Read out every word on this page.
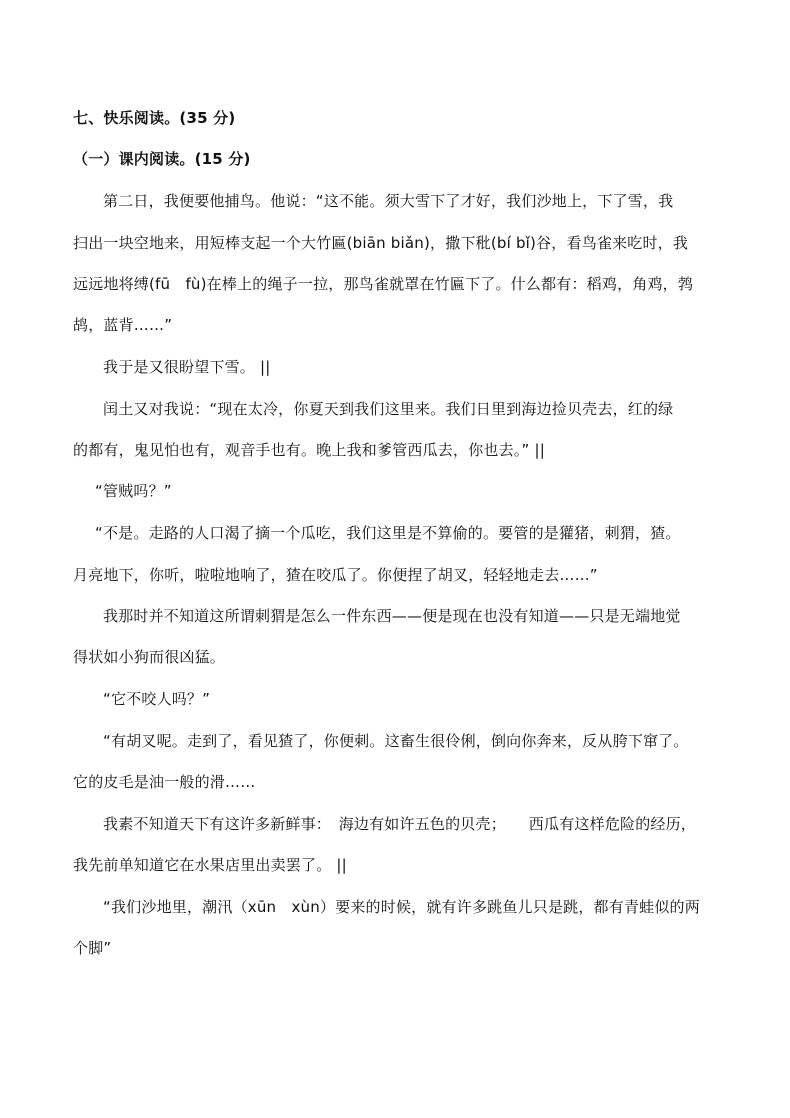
七、快乐阅读。(35 分)
（一）课内阅读。(15 分)
第二日，我便要他捕鸟。他说：“这不能。须大雪下了才好，我们沙地上，下了雪，我
扫出一块空地来，用短棒支起一个大竹匾(biān biǎn)，撒下秕(bí bǐ)谷，看鸟雀来吃时，我
远远地将缚(fū　fù)在棒上的绳子一拉，那鸟雀就罩在竹匾下了。什么都有：稻鸡，角鸡，鹁
鸪，蓝背……”
我于是又很盼望下雪。 ||
闰土又对我说：“现在太冷，你夏天到我们这里来。我们日里到海边捡贝壳去，红的绿
的都有，鬼见怕也有，观音手也有。晚上我和爹管西瓜去，你也去。” ||
“管贼吗？”
“不是。走路的人口渴了摘一个瓜吃，我们这里是不算偷的。要管的是獾猪，刺猬，猹。
月亮地下，你听，啦啦地响了，猹在咬瓜了。你便捏了胡叉，轻轻地走去……”
我那时并不知道这所谓刺猬是怎么一件东西——便是现在也没有知道——只是无端地觉
得状如小狗而很凶猛。
“它不咬人吗？”
“有胡叉呢。走到了，看见猹了，你便刺。这畜生很伶俐，倒向你奔来，反从胯下窜了。
它的皮毛是油一般的滑……
我素不知道天下有这许多新鲜事：　海边有如许五色的贝壳；　　西瓜有这样危险的经历，
我先前单知道它在水果店里出卖罢了。 ||
“我们沙地里，潮汛（xūn　xùn）要来的时候，就有许多跳鱼儿只是跳，都有青蛙似的两
个脚”
